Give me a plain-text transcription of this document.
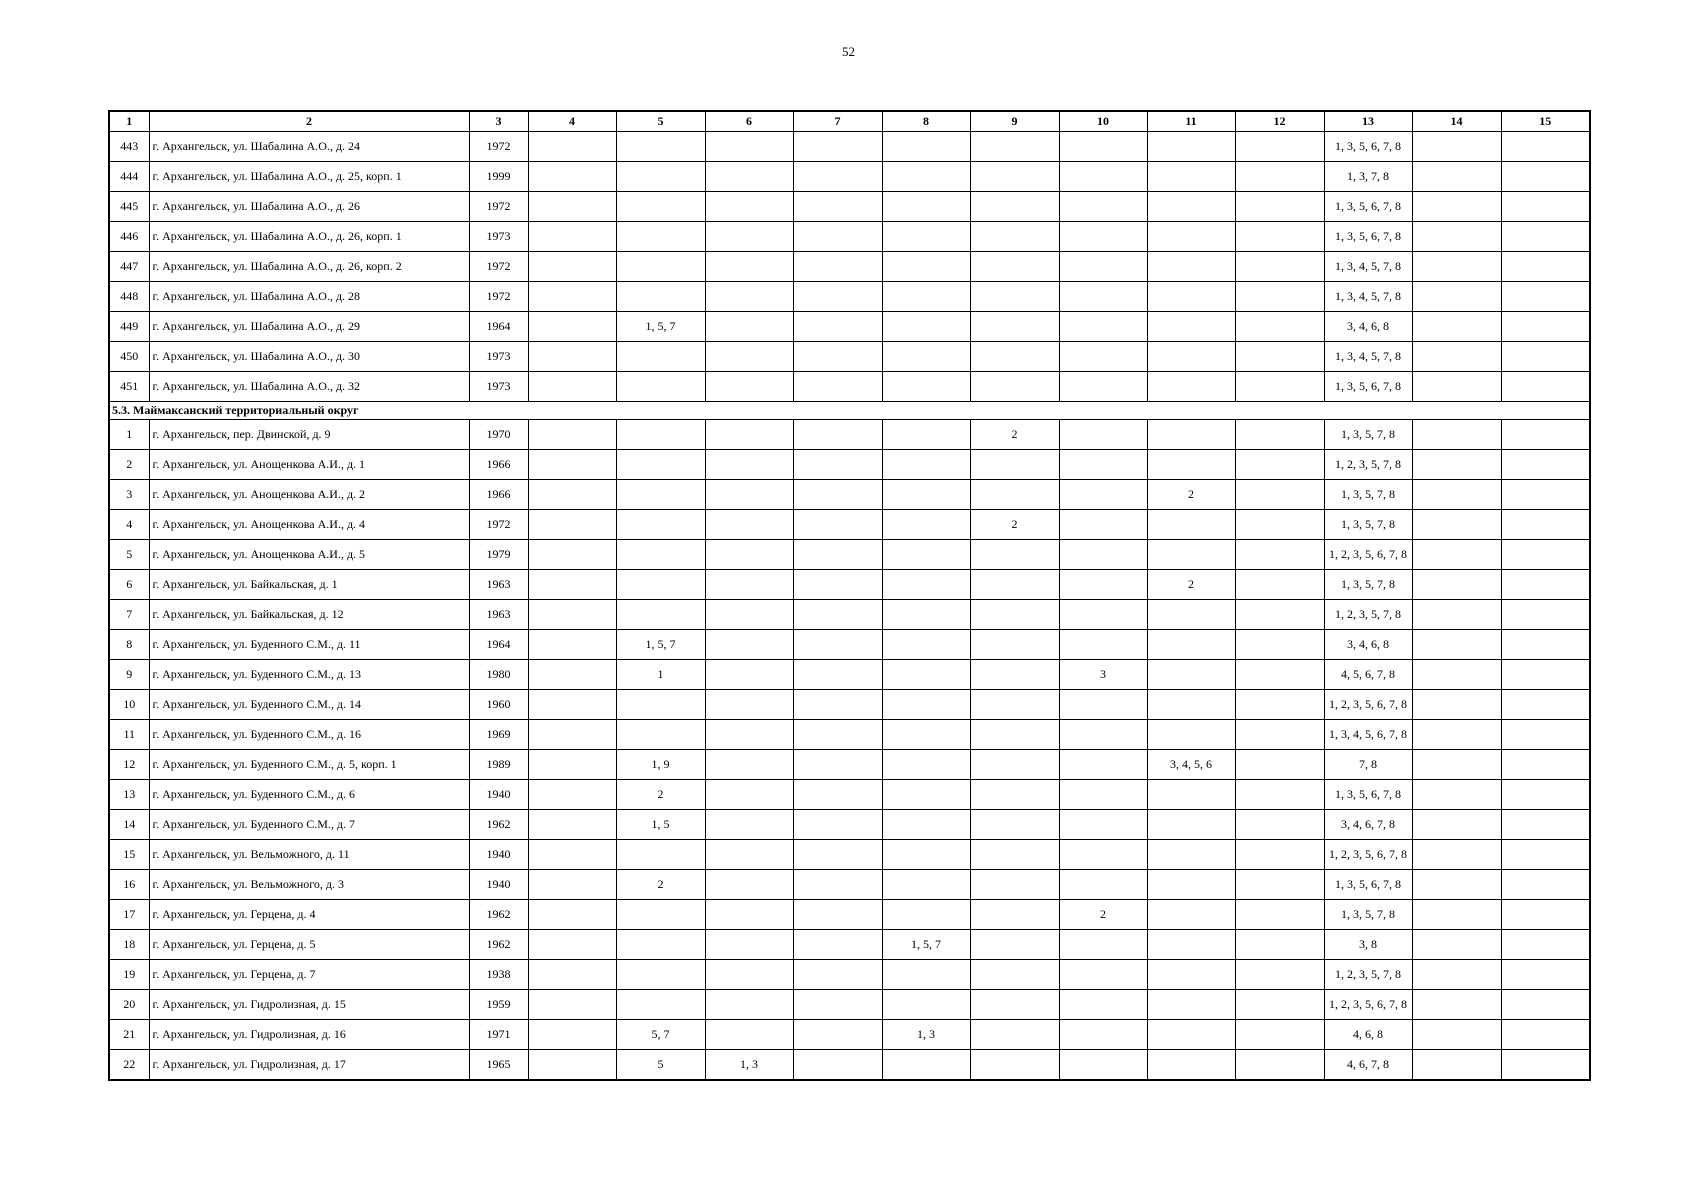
52
1	2	3	4	5	6	7	8	9	10	11	12	13	14	15
443	г. Архангельск, ул. Шабалина А.О., д. 24	1972										1, 3, 5, 6, 7, 8		
444	г. Архангельск, ул. Шабалина А.О., д. 25, корп. 1	1999										1, 3, 7, 8		
445	г. Архангельск, ул. Шабалина А.О., д. 26	1972										1, 3, 5, 6, 7, 8		
446	г. Архангельск, ул. Шабалина А.О., д. 26, корп. 1	1973										1, 3, 5, 6, 7, 8		
447	г. Архангельск, ул. Шабалина А.О., д. 26, корп. 2	1972										1, 3, 4, 5, 7, 8		
448	г. Архангельск, ул. Шабалина А.О., д. 28	1972										1, 3, 4, 5, 7, 8		
449	г. Архангельск, ул. Шабалина А.О., д. 29	1964		1, 5, 7								3, 4, 6, 8		
450	г. Архангельск, ул. Шабалина А.О., д. 30	1973										1, 3, 4, 5, 7, 8		
451	г. Архангельск, ул. Шабалина А.О., д. 32	1973										1, 3, 5, 6, 7, 8		
5.3. Маймаксанский территориальный округ														
1	г. Архангельск, пер. Двинской, д. 9	1970						2				1, 3, 5, 7, 8		
2	г. Архангельск, ул. Анощенкова А.И., д. 1	1966										1, 2, 3, 5, 7, 8		
3	г. Архангельск, ул. Анощенкова А.И., д. 2	1966								2		1, 3, 5, 7, 8		
4	г. Архангельск, ул. Анощенкова А.И., д. 4	1972						2				1, 3, 5, 7, 8		
5	г. Архангельск, ул. Анощенкова А.И., д. 5	1979										1, 2, 3, 5, 6, 7, 8		
6	г. Архангельск, ул. Байкальская, д. 1	1963								2		1, 3, 5, 7, 8		
7	г. Архангельск, ул. Байкальская, д. 12	1963										1, 2, 3, 5, 7, 8		
8	г. Архангельск, ул. Буденного С.М., д. 11	1964		1, 5, 7								3, 4, 6, 8		
9	г. Архангельск, ул. Буденного С.М., д. 13	1980		1					3			4, 5, 6, 7, 8		
10	г. Архангельск, ул. Буденного С.М., д. 14	1960										1, 2, 3, 5, 6, 7, 8		
11	г. Архангельск, ул. Буденного С.М., д. 16	1969										1, 3, 4, 5, 6, 7, 8		
12	г. Архангельск, ул. Буденного С.М., д. 5, корп. 1	1989		1, 9						3, 4, 5, 6		7, 8		
13	г. Архангельск, ул. Буденного С.М., д. 6	1940		2								1, 3, 5, 6, 7, 8		
14	г. Архангельск, ул. Буденного С.М., д. 7	1962		1, 5								3, 4, 6, 7, 8		
15	г. Архангельск, ул. Вельможного, д. 11	1940										1, 2, 3, 5, 6, 7, 8		
16	г. Архангельск, ул. Вельможного, д. 3	1940		2								1, 3, 5, 6, 7, 8		
17	г. Архангельск, ул. Герцена, д. 4	1962							2			1, 3, 5, 7, 8		
18	г. Архангельск, ул. Герцена, д. 5	1962					1, 5, 7					3, 8		
19	г. Архангельск, ул. Герцена, д. 7	1938										1, 2, 3, 5, 7, 8		
20	г. Архангельск, ул. Гидролизная, д. 15	1959										1, 2, 3, 5, 6, 7, 8		
21	г. Архангельск, ул. Гидролизная, д. 16	1971		5, 7			1, 3					4, 6, 8		
22	г. Архангельск, ул. Гидролизная, д. 17	1965		5	1, 3							4, 6, 7, 8		
